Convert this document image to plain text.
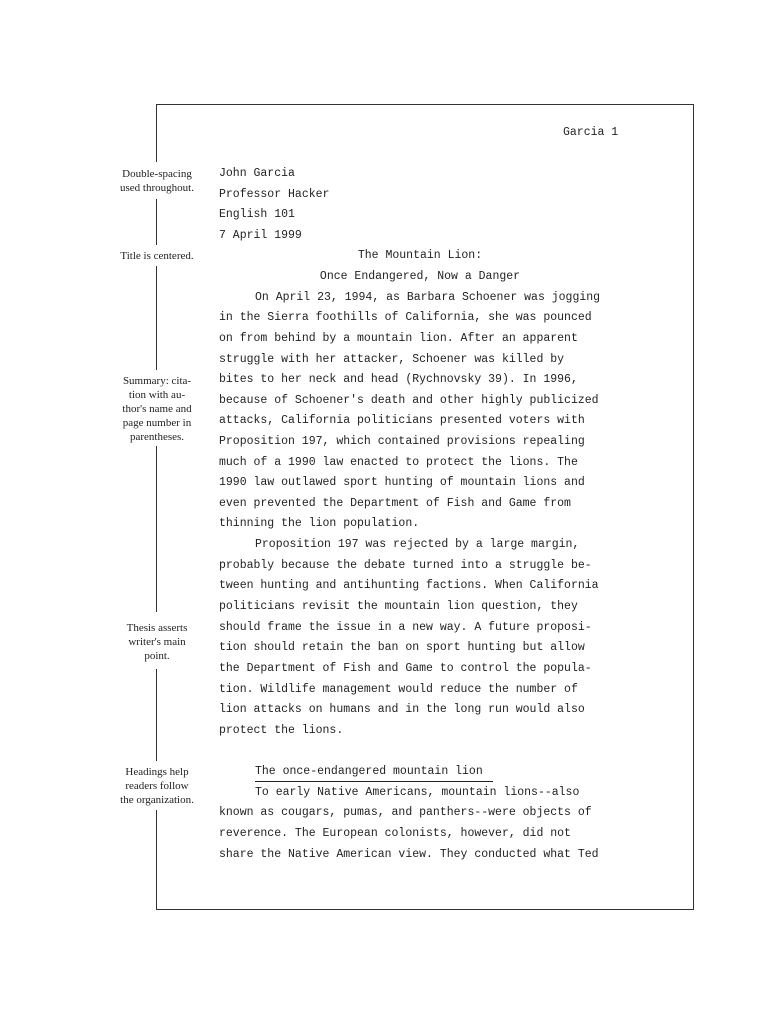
Garcia 1
Double-spacing
used throughout.
Title is centered.
Summary: cita-
tion with au-
thor's name and
page number in
parentheses.
Thesis asserts
writer's main
point.
Headings help
readers follow
the organization.
John Garcia
Professor Hacker
English 101
7 April 1999
The Mountain Lion:
Once Endangered, Now a Danger
On April 23, 1994, as Barbara Schoener was jogging
in the Sierra foothills of California, she was pounced
on from behind by a mountain lion. After an apparent
struggle with her attacker, Schoener was killed by
bites to her neck and head (Rychnovsky 39). In 1996,
because of Schoener's death and other highly publicized
attacks, California politicians presented voters with
Proposition 197, which contained provisions repealing
much of a 1990 law enacted to protect the lions. The
1990 law outlawed sport hunting of mountain lions and
even prevented the Department of Fish and Game from
thinning the lion population.
Proposition 197 was rejected by a large margin,
probably because the debate turned into a struggle be-
tween hunting and antihunting factions. When California
politicians revisit the mountain lion question, they
should frame the issue in a new way. A future proposi-
tion should retain the ban on sport hunting but allow
the Department of Fish and Game to control the popula-
tion. Wildlife management would reduce the number of
lion attacks on humans and in the long run would also
protect the lions.
The once-endangered mountain lion
To early Native Americans, mountain lions--also
known as cougars, pumas, and panthers--were objects of
reverence. The European colonists, however, did not
share the Native American view. They conducted what Ted
